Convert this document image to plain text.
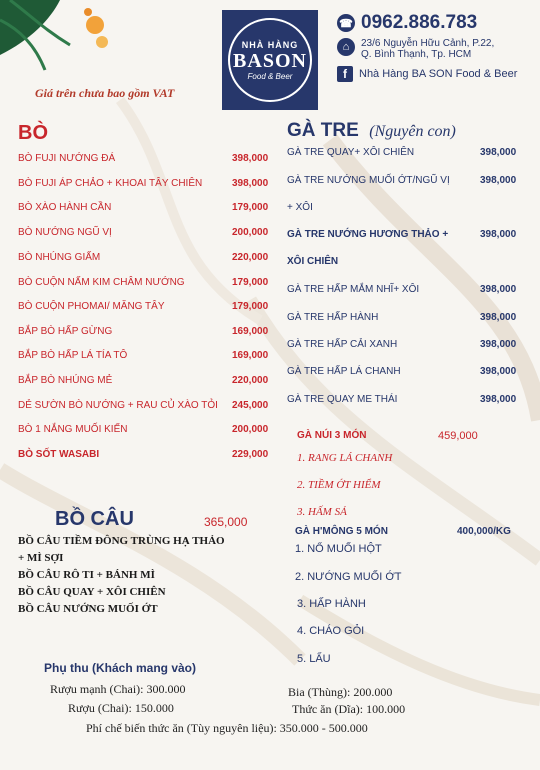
NHÀ HÀNG
BASON
Food & Beer
☎ 0962.886.783
⌂	23/6 Nguyễn Hữu Cảnh, P.22,
Q. Bình Thạnh, Tp. HCM
f	Nhà Hàng BA SON Food & Beer
Giá trên chưa bao gồm VAT
BÒ
BÒ FUJI NƯỚNG ĐÁ	398,000
BÒ FUJI ÁP CHẢO + KHOAI TÂY CHIÊN	398,000
BÒ XÀO HÀNH CẦN	179,000
BÒ NƯỚNG NGŨ VỊ	200,000
BÒ NHÚNG GIẤM	220,000
BÒ CUỘN NẤM KIM CHÂM NƯỚNG	179,000
BÒ CUỘN PHOMAI/ MĂNG TÂY	179,000
BẮP BÒ HẤP GỪNG	169,000
BẮP BÒ HẤP LÁ TÍA TÔ	169,000
BẮP BÒ NHÚNG MẺ	220,000
DẺ SƯỜN BÒ NƯỚNG + RAU CỦ XÀO TỎI 245,000
BÒ 1 NẮNG MUỐI KIẾN	200,000
BÒ SỐT WASABI	229,000
GÀ TRE (Nguyên con)
GÀ TRE QUAY+ XÔI CHIÊN	398,000
GÀ TRE NƯỚNG MUỐI ỚT/NGŨ VỊ
+ XÔI
398,000
GÀ TRE NƯỚNG HƯƠNG THẢO +
XÔI CHIÊN
398,000
GÀ TRE HẤP MẮM NHĨ+ XÔI	398,000
GÀ TRE HẤP HÀNH	398,000
GÀ TRE HẤP CẢI XANH	398,000
GÀ TRE HẤP LÁ CHANH	398,000
GÀ TRE QUAY ME THÁI	398,000
GÀ NÚI 3 MÓN	459,000
1. RANG LÁ CHANH
2. TIỀM ỚT HIỂM
3. HẤM SẢ
GÀ H'MÔNG 5 MÓN	400,000/KG
1. NỔ MUỐI HỘT
2. NƯỚNG MUỐI ỚT
3. HẤP HÀNH
4. CHÁO GỎI
5. LẨU
BỒ CÂU	365,000
BỒ CÂU TIỀM ĐÔNG TRÙNG HẠ THẢO
+ MÌ SỢI
BỒ CÂU RÔ TI + BÁNH MÌ
BỒ CÂU QUAY + XÔI CHIÊN
BỒ CÂU NƯỚNG MUỐI ỚT
Phụ thu (Khách mang vào)
Rượu mạnh (Chai): 300.000
Rượu (Chai): 150.000
Bia (Thùng): 200.000
Thức ăn (Dĩa): 100.000
Phí chế biến thức ăn (Tùy nguyên liệu): 350.000 - 500.000
